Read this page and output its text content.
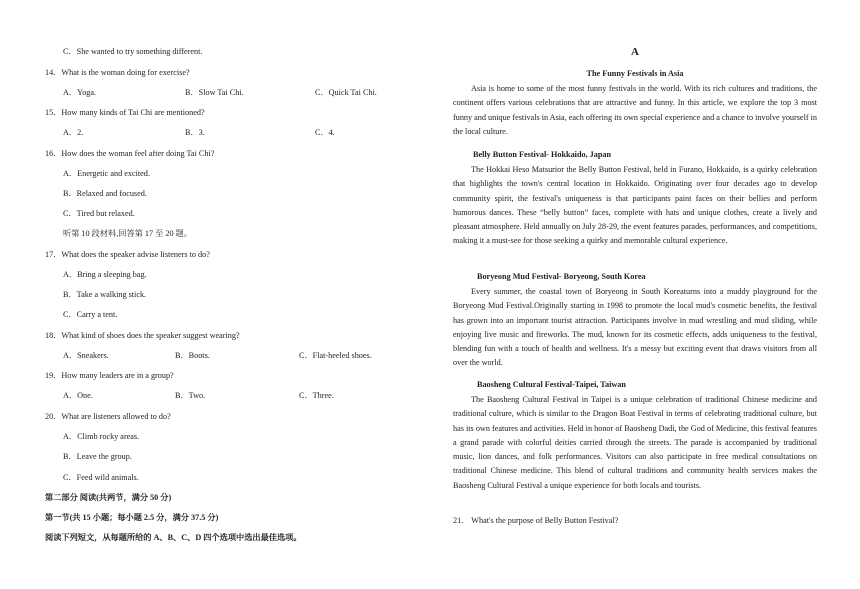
C．She wanted to try something different.
14．What is the woman doing for exercise?
A．Yoga.	B．Slow Tai Chi.	C．Quick Tai Chi.
15．How many kinds of Tai Chi are mentioned?
A．2.	B．3.	C．4.
16．How does the woman feel after doing Tai Chi?
A．Energetic and excited.
B．Relaxed and focused.
C．Tired but relaxed.
听第 10 段材料,回答第 17 至 20 题。
17．What does the speaker advise listeners to do?
A．Bring a sleeping bag.
B．Take a walking stick.
C．Carry a tent.
18．What kind of shoes does the speaker suggest wearing?
A．Sneakers.	B．Boots.	C．Flat-heeled shoes.
19．How many leaders are in a group?
A．One.	B．Two.	C．Three.
20．What are listeners allowed to do?
A．Climb rocky areas.
B．Leave the group.
C．Feed wild animals.
第二部分 阅读(共两节，满分 50 分)
第一节(共 15 小题；每小题 2.5 分，满分 37.5 分)
阅读下列短文，从每题所给的 A、B、C、D 四个选项中选出最佳选项。
A
The Funny Festivals in Asia
Asia is home to some of the most funny festivals in the world. With its rich cultures and traditions, the continent offers various celebrations that are attractive and funny. In this article, we explore the top 3 most funny and unique festivals in Asia, each offering its own special experience and a chance to involve yourself in the local culture.
Belly Button Festival- Hokkaido, Japan
The Hokkai Heso Matsurior the Belly Button Festival, held in Furano, Hokkaido, is a quirky celebration that highlights the town's central location in Hokkaido. Originating over four decades ago to develop community spirit, the festival's uniqueness is that participants paint faces on their bellies and perform humorous dances. These “belly button” faces, complete with hats and unique clothes, create a lively and pleasant atmosphere. Held annually on July 28-29, the event features parades, performances, and competitions, making it a must-see for those seeking a quirky and memorable cultural experience.
Boryeong Mud Festival- Boryeong, South Korea
Every summer, the coastal town of Boryeong in South Koreaturns into a muddy playground for the Boryeong Mud Festival.Originally starting in 1998 to promote the local mud's cosmetic benefits, the festival has grown into an important tourist attraction. Participants involve in mud wrestling and mud sliding, while enjoying live music and fireworks. The mud, known for its cosmetic effects, adds uniqueness to the festival, blending fun with a touch of health and wellness. It's a messy but exciting event that draws visitors from all over the world.
Baosheng Cultural Festival-Taipei, Taiwan
The Baosheng Cultural Festival in Taipei is a unique celebration of traditional Chinese medicine and traditional culture, which is similar to the Dragon Boat Festival in terms of celebrating traditional culture, but has its own features and activities. Held in honor of Baosheng Dadi, the God of Medicine, this festival features a grand parade with colorful deities carried through the streets. The parade is accompanied by traditional music, lion dances, and folk performances. Visitors can also participate in free medical consultations on traditional Chinese medicine. This blend of cultural traditions and community health services makes the Baosheng Cultural Festival a unique experience for both locals and tourists.
21.    What's the purpose of Belly Button Festival?
